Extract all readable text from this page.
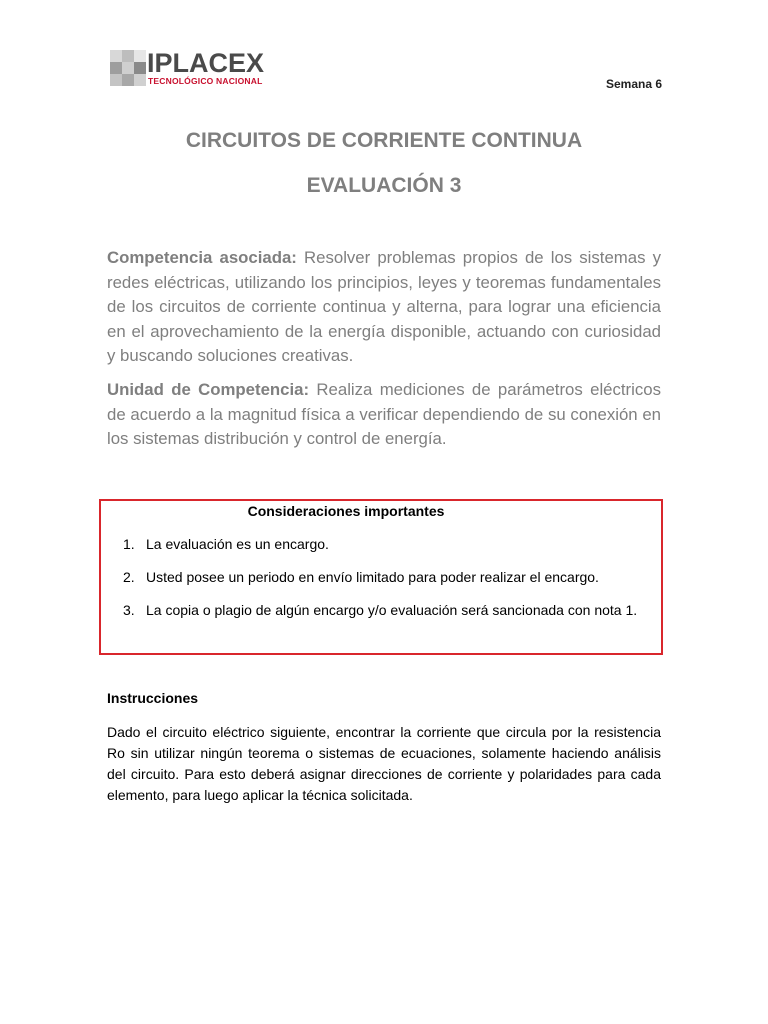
IPLACEX
TECNOLÓGICO NACIONAL	Semana 6
CIRCUITOS DE CORRIENTE CONTINUA
EVALUACIÓN 3

Competencia asociada: Resolver problemas propios de los sistemas y redes eléctricas, utilizando los principios, leyes y teoremas fundamentales de los circuitos de corriente continua y alterna, para lograr una eficiencia en el aprovechamiento de la energía disponible, actuando con curiosidad y buscando soluciones creativas.

Unidad de Competencia: Realiza mediciones de parámetros eléctricos de acuerdo a la magnitud física a verificar dependiendo de su conexión en los sistemas distribución y control de energía.

Consideraciones importantes
1. La evaluación es un encargo.
2. Usted posee un periodo en envío limitado para poder realizar el encargo.
3. La copia o plagio de algún encargo y/o evaluación será sancionada con nota 1.
Instrucciones

Dado el circuito eléctrico siguiente, encontrar la corriente que circula por la resistencia Ro sin utilizar ningún teorema o sistemas de ecuaciones, solamente haciendo análisis del circuito. Para esto deberá asignar direcciones de corriente y polaridades para cada elemento, para luego aplicar la técnica solicitada.
